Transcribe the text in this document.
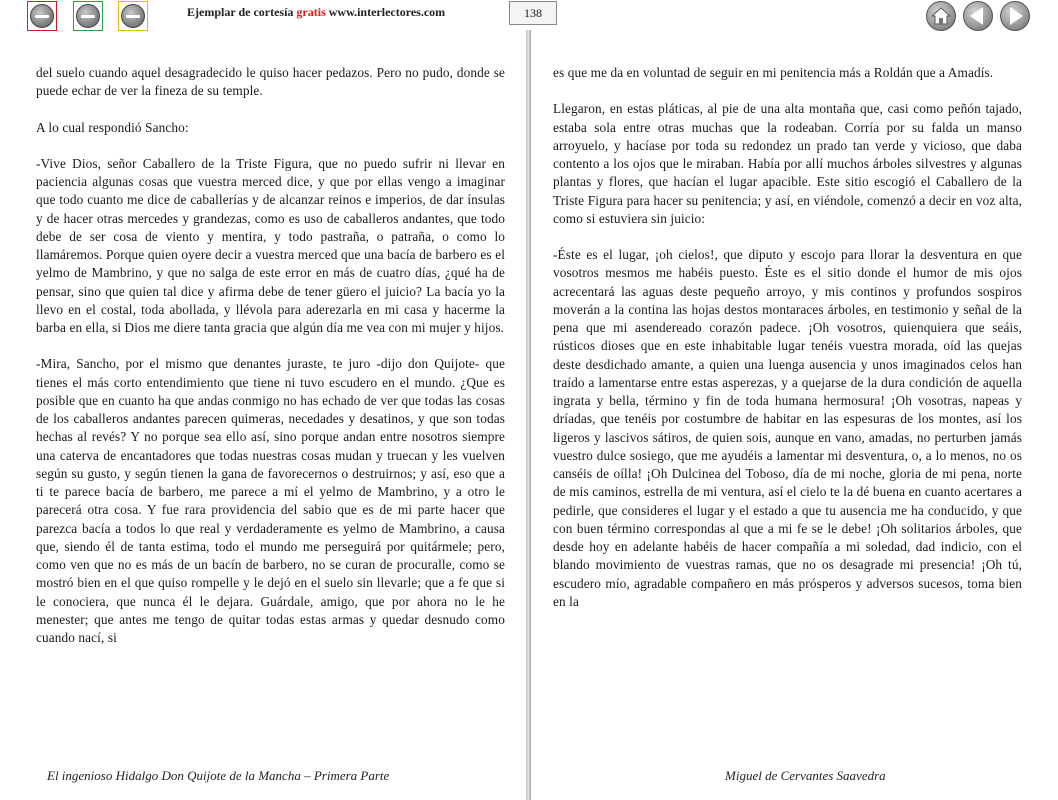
Ejemplar de cortesía gratis www.interlectores.com	138

del suelo cuando aquel desagradecido le quiso hacer pedazos. Pero no pudo, donde se puede echar de ver la fineza de su temple.

A lo cual respondió Sancho:

-Vive Dios, señor Caballero de la Triste Figura, que no puedo sufrir ni llevar en paciencia algunas cosas que vuestra merced dice, y que por ellas vengo a imaginar que todo cuanto me dice de caballerías y de alcanzar reinos e imperios, de dar ínsulas y de hacer otras mercedes y grandezas, como es uso de caballeros andantes, que todo debe de ser cosa de viento y mentira, y todo pastraña, o patraña, o como lo llamáremos. Porque quien oyere decir a vuestra merced que una bacía de barbero es el yelmo de Mambrino, y que no salga de este error en más de cuatro días, ¿qué ha de pensar, sino que quien tal dice y afirma debe de tener güero el juicio? La bacía yo la llevo en el costal, toda abollada, y llévola para aderezarla en mi casa y hacerme la barba en ella, si Dios me diere tanta gracia que algún día me vea con mi mujer y hijos.

-Mira, Sancho, por el mismo que denantes juraste, te juro -dijo don Quijote- que tienes el más corto entendimiento que tiene ni tuvo escudero en el mundo. ¿Que es posible que en cuanto ha que andas conmigo no has echado de ver que todas las cosas de los caballeros andantes parecen quimeras, necedades y desatinos, y que son todas hechas al revés? Y no porque sea ello así, sino porque andan entre nosotros siempre una caterva de encantadores que todas nuestras cosas mudan y truecan y les vuelven según su gusto, y según tienen la gana de favorecernos o destruirnos; y así, eso que a ti te parece bacía de barbero, me parece a mí el yelmo de Mambrino, y a otro le parecerá otra cosa. Y fue rara providencia del sabio que es de mi parte hacer que parezca bacía a todos lo que real y verdaderamente es yelmo de Mambrino, a causa que, siendo él de tanta estima, todo el mundo me perseguirá por quitármele; pero, como ven que no es más de un bacín de barbero, no se curan de procuralle, como se mostró bien en el que quiso rompelle y le dejó en el suelo sin llevarle; que a fe que si le conociera, que nunca él le dejara. Guárdale, amigo, que por ahora no le he menester; que antes me tengo de quitar todas estas armas y quedar desnudo como cuando nací, si

es que me da en voluntad de seguir en mi penitencia más a Roldán que a Amadís.

Llegaron, en estas pláticas, al pie de una alta montaña que, casi como peñón tajado, estaba sola entre otras muchas que la rodeaban. Corría por su falda un manso arroyuelo, y hacíase por toda su redondez un prado tan verde y vicioso, que daba contento a los ojos que le miraban. Había por allí muchos árboles silvestres y algunas plantas y flores, que hacían el lugar apacible. Este sitio escogió el Caballero de la Triste Figura para hacer su penitencia; y así, en viéndole, comenzó a decir en voz alta, como si estuviera sin juicio:

-Éste es el lugar, ¡oh cielos!, que diputo y escojo para llorar la desventura en que vosotros mesmos me habéis puesto. Éste es el sitio donde el humor de mis ojos acrecentará las aguas deste pequeño arroyo, y mis continos y profundos sospiros moverán a la contina las hojas destos montaraces árboles, en testimonio y señal de la pena que mi asendereado corazón padece. ¡Oh vosotros, quienquiera que seáis, rústicos dioses que en este inhabitable lugar tenéis vuestra morada, oíd las quejas deste desdichado amante, a quien una luenga ausencia y unos imaginados celos han traído a lamentarse entre estas asperezas, y a quejarse de la dura condición de aquella ingrata y bella, término y fin de toda humana hermosura! ¡Oh vosotras, napeas y dríadas, que tenéis por costumbre de habitar en las espesuras de los montes, así los ligeros y lascivos sátiros, de quien sois, aunque en vano, amadas, no perturben jamás vuestro dulce sosiego, que me ayudéis a lamentar mi desventura, o, a lo menos, no os canséis de oílla! ¡Oh Dulcinea del Toboso, día de mi noche, gloria de mi pena, norte de mis caminos, estrella de mi ventura, así el cielo te la dé buena en cuanto acertares a pedirle, que consideres el lugar y el estado a que tu ausencia me ha conducido, y que con buen término correspondas al que a mi fe se le debe! ¡Oh solitarios árboles, que desde hoy en adelante habéis de hacer compañía a mi soledad, dad indicio, con el blando movimiento de vuestras ramas, que no os desagrade mi presencia! ¡Oh tú, escudero mío, agradable compañero en más prósperos y adversos sucesos, toma bien en la

El ingenioso Hidalgo Don Quijote de la Mancha – Primera Parte	Miguel de Cervantes Saavedra
